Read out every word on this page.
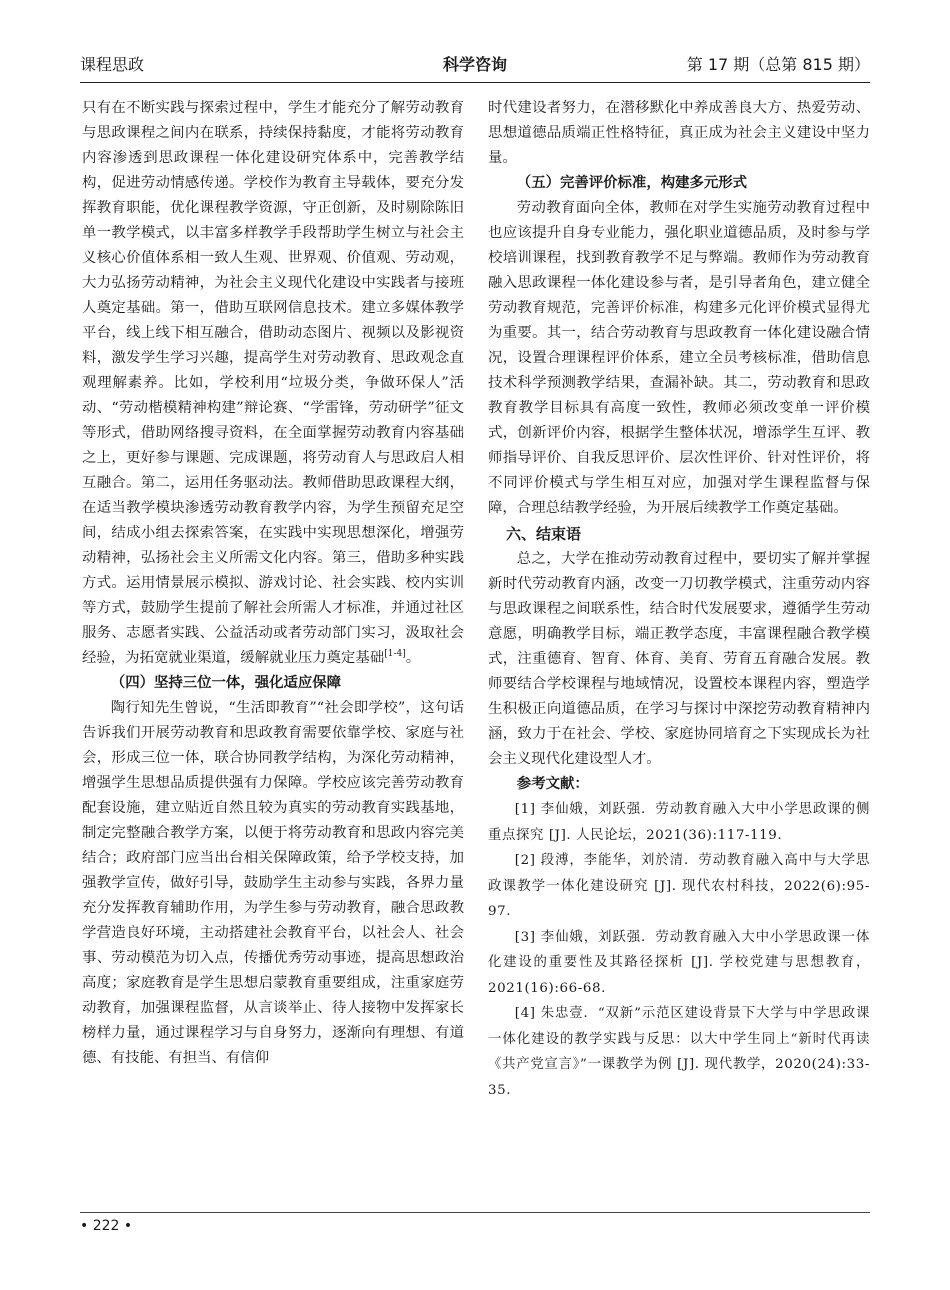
课程思政	科学咨询	第 17 期（总第 815 期）

只有在不断实践与探索过程中，学生才能充分了解劳动教育与思政课程之间内在联系，持续保持黏度，才能将劳动教育内容渗透到思政课程一体化建设研究体系中，完善教学结构，促进劳动情感传递。学校作为教育主导载体，要充分发挥教育职能，优化课程教学资源，守正创新，及时剔除陈旧单一教学模式，以丰富多样教学手段帮助学生树立与社会主义核心价值体系相一致人生观、世界观、价值观、劳动观，大力弘扬劳动精神，为社会主义现代化建设中实践者与接班人奠定基础。第一，借助互联网信息技术。建立多媒体教学平台，线上线下相互融合，借助动态图片、视频以及影视资料，激发学生学习兴趣，提高学生对劳动教育、思政观念直观理解素养。比如，学校利用“垃圾分类，争做环保人”活动、“劳动楷模精神构建”辩论赛、“学雷锋，劳动研学”征文等形式，借助网络搜寻资料，在全面掌握劳动教育内容基础之上，更好参与课题、完成课题，将劳动育人与思政启人相互融合。第二，运用任务驱动法。教师借助思政课程大纲，在适当教学模块渗透劳动教育教学内容，为学生预留充足空间，结成小组去探索答案，在实践中实现思想深化，增强劳动精神，弘扬社会主义所需文化内容。第三，借助多种实践方式。运用情景展示模拟、游戏讨论、社会实践、校内实训等方式，鼓励学生提前了解社会所需人才标准，并通过社区服务、志愿者实践、公益活动或者劳动部门实习，汲取社会经验，为拓宽就业渠道，缓解就业压力奠定基础[1-4]。

（四）坚持三位一体，强化适应保障

陶行知先生曾说，“生活即教育”“社会即学校”，这句话告诉我们开展劳动教育和思政教育需要依靠学校、家庭与社会，形成三位一体，联合协同教学结构，为深化劳动精神，增强学生思想品质提供强有力保障。学校应该完善劳动教育配套设施，建立贴近自然且较为真实的劳动教育实践基地，制定完整融合教学方案，以便于将劳动教育和思政内容完美结合；政府部门应当出台相关保障政策，给予学校支持，加强教学宣传，做好引导，鼓励学生主动参与实践，各界力量充分发挥教育辅助作用，为学生参与劳动教育，融合思政教学营造良好环境，主动搭建社会教育平台，以社会人、社会事、劳动模范为切入点，传播优秀劳动事迹，提高思想政治高度；家庭教育是学生思想启蒙教育重要组成，注重家庭劳动教育，加强课程监督，从言谈举止、待人接物中发挥家长榜样力量，通过课程学习与自身努力，逐渐向有理想、有道德、有技能、有担当、有信仰

时代建设者努力，在潜移默化中养成善良大方、热爱劳动、思想道德品质端正性格特征，真正成为社会主义建设中坚力量。

（五）完善评价标准，构建多元形式

劳动教育面向全体，教师在对学生实施劳动教育过程中也应该提升自身专业能力，强化职业道德品质，及时参与学校培训课程，找到教育教学不足与弊端。教师作为劳动教育融入思政课程一体化建设参与者，是引导者角色，建立健全劳动教育规范，完善评价标准，构建多元化评价模式显得尤为重要。其一，结合劳动教育与思政教育一体化建设融合情况，设置合理课程评价体系，建立全员考核标准，借助信息技术科学预测教学结果，查漏补缺。其二，劳动教育和思政教育教学目标具有高度一致性，教师必须改变单一评价模式，创新评价内容，根据学生整体状况，增添学生互评、教师指导评价、自我反思评价、层次性评价、针对性评价，将不同评价模式与学生相互对应，加强对学生课程监督与保障，合理总结教学经验，为开展后续教学工作奠定基础。

六、结束语

总之，大学在推动劳动教育过程中，要切实了解并掌握新时代劳动教育内涵，改变一刀切教学模式，注重劳动内容与思政课程之间联系性，结合时代发展要求，遵循学生劳动意愿，明确教学目标，端正教学态度，丰富课程融合教学模式，注重德育、智育、体育、美育、劳育五育融合发展。教师要结合学校课程与地域情况，设置校本课程内容，塑造学生积极正向道德品质，在学习与探讨中深挖劳动教育精神内涵，致力于在社会、学校、家庭协同培育之下实现成长为社会主义现代化建设型人才。

参考文献：

[1] 李仙娥，刘跃强．劳动教育融入大中小学思政课的侧重点探究 [J]. 人民论坛，2021(36):117-119.

[2] 段溥，李能华，刘於清．劳动教育融入高中与大学思政课教学一体化建设研究 [J]. 现代农村科技，2022(6):95-97.

[3] 李仙娥，刘跃强．劳动教育融入大中小学思政课一体化建设的重要性及其路径探析 [J]. 学校党建与思想教育，2021(16):66-68.

[4] 朱忠壹．“双新”示范区建设背景下大学与中学思政课一体化建设的教学实践与反思：以大中学生同上“新时代再读《共产党宣言》”一课教学为例 [J]. 现代教学，2020(24):33-35.

• 222 •
